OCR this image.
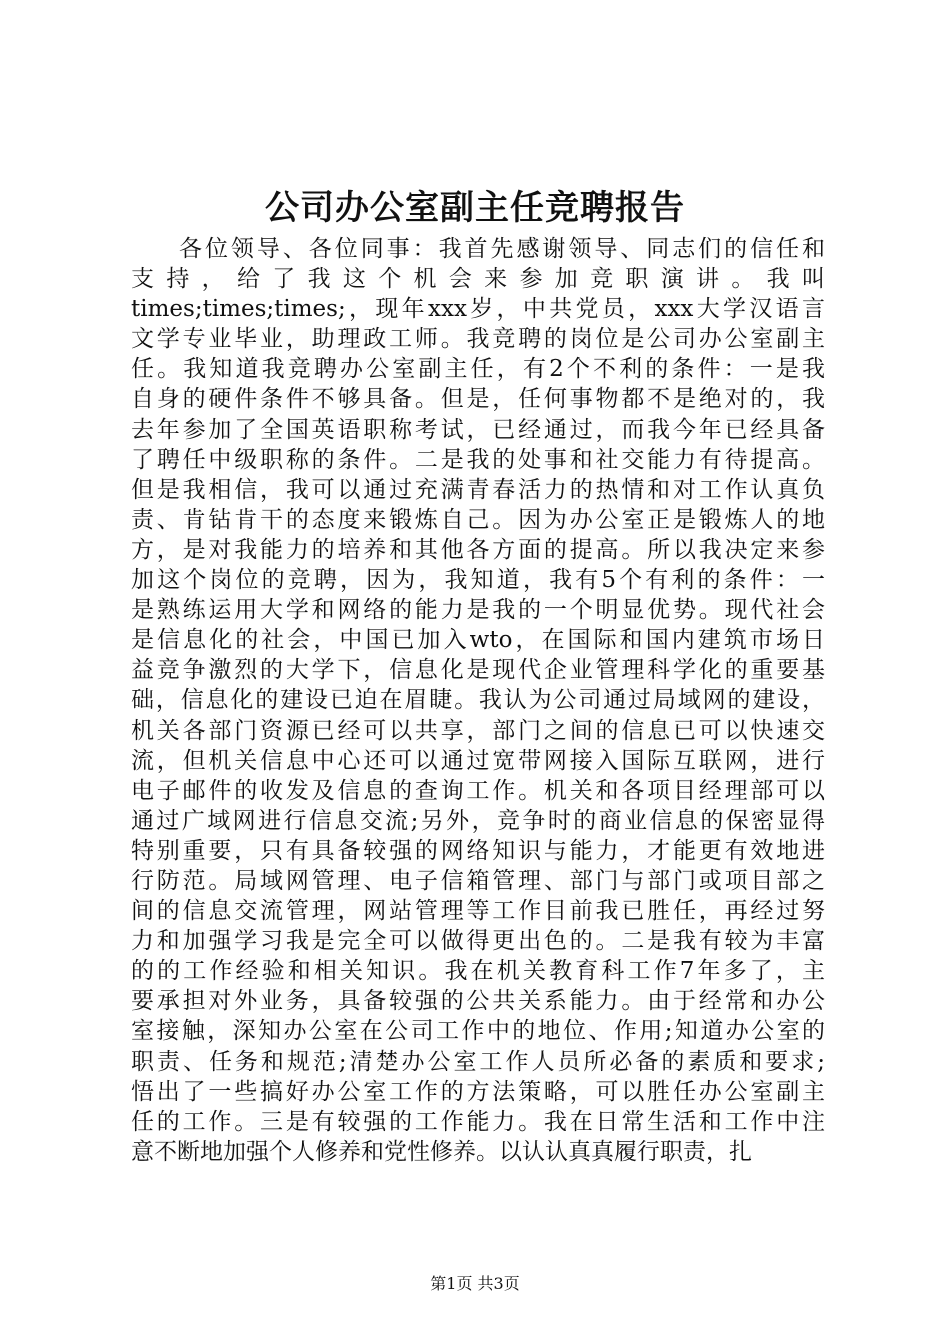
公司办公室副主任竞聘报告
各位领导、各位同事：我首先感谢领导、同志们的信任和
支持，给了我这个机会来参加竞职演讲。我叫
times;times;times;，现年xxx岁，中共党员，xxx大学汉语言
文学专业毕业，助理政工师。我竞聘的岗位是公司办公室副主
任。我知道我竞聘办公室副主任，有2个不利的条件：一是我
自身的硬件条件不够具备。但是，任何事物都不是绝对的，我
去年参加了全国英语职称考试，已经通过，而我今年已经具备
了聘任中级职称的条件。二是我的处事和社交能力有待提高。
但是我相信，我可以通过充满青春活力的热情和对工作认真负
责、肯钻肯干的态度来锻炼自己。因为办公室正是锻炼人的地
方，是对我能力的培养和其他各方面的提高。所以我决定来参
加这个岗位的竞聘，因为，我知道，我有5个有利的条件：一
是熟练运用大学和网络的能力是我的一个明显优势。现代社会
是信息化的社会，中国已加入wto，在国际和国内建筑市场日
益竞争激烈的大学下，信息化是现代企业管理科学化的重要基
础，信息化的建设已迫在眉睫。我认为公司通过局域网的建设，
机关各部门资源已经可以共享，部门之间的信息已可以快速交
流，但机关信息中心还可以通过宽带网接入国际互联网，进行
电子邮件的收发及信息的查询工作。机关和各项目经理部可以
通过广域网进行信息交流;另外，竞争时的商业信息的保密显得
特别重要，只有具备较强的网络知识与能力，才能更有效地进
行防范。局域网管理、电子信箱管理、部门与部门或项目部之
间的信息交流管理，网站管理等工作目前我已胜任，再经过努
力和加强学习我是完全可以做得更出色的。二是我有较为丰富
的的工作经验和相关知识。我在机关教育科工作7年多了，主
要承担对外业务，具备较强的公共关系能力。由于经常和办公
室接触，深知办公室在公司工作中的地位、作用;知道办公室的
职责、任务和规范;清楚办公室工作人员所必备的素质和要求;
悟出了一些搞好办公室工作的方法策略，可以胜任办公室副主
任的工作。三是有较强的工作能力。我在日常生活和工作中注
意不断地加强个人修养和党性修养。以认认真真履行职责，扎
第1页 共3页
